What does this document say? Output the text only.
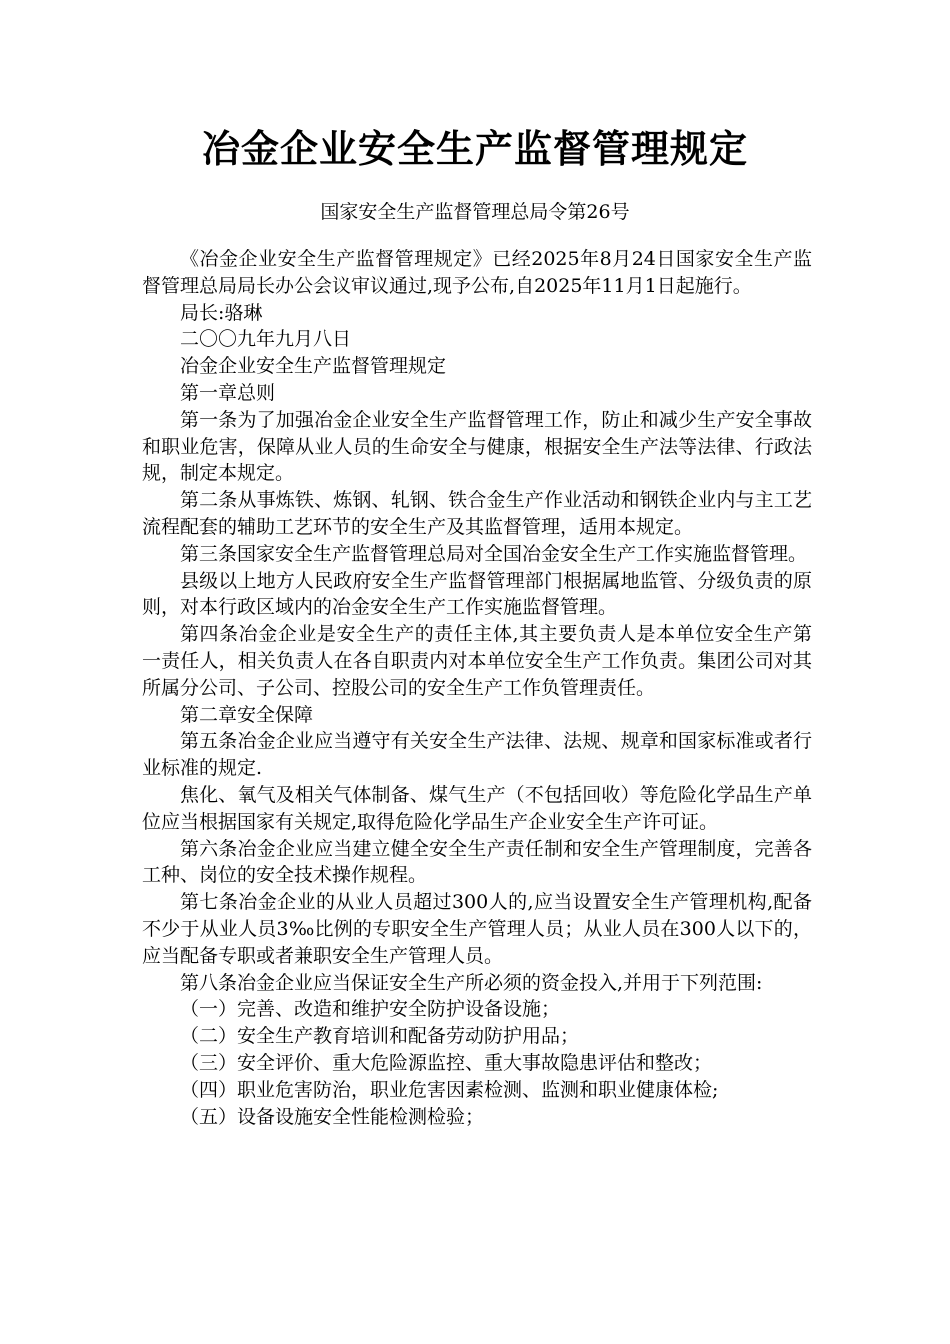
冶金企业安全生产监督管理规定
国家安全生产监督管理总局令第26号

《冶金企业安全生产监督管理规定》已经2025年8月24日国家安全生产监督管理总局局长办公会议审议通过,现予公布,自2025年11月1日起施行。

局长:骆琳

二〇〇九年九月八日

冶金企业安全生产监督管理规定

第一章总则

第一条为了加强冶金企业安全生产监督管理工作，防止和减少生产安全事故和职业危害，保障从业人员的生命安全与健康，根据安全生产法等法律、行政法规，制定本规定。

第二条从事炼铁、炼钢、轧钢、铁合金生产作业活动和钢铁企业内与主工艺流程配套的辅助工艺环节的安全生产及其监督管理，适用本规定。

第三条国家安全生产监督管理总局对全国冶金安全生产工作实施监督管理。

县级以上地方人民政府安全生产监督管理部门根据属地监管、分级负责的原则，对本行政区域内的冶金安全生产工作实施监督管理。

第四条冶金企业是安全生产的责任主体,其主要负责人是本单位安全生产第一责任人，相关负责人在各自职责内对本单位安全生产工作负责。集团公司对其所属分公司、子公司、控股公司的安全生产工作负管理责任。

第二章安全保障

第五条冶金企业应当遵守有关安全生产法律、法规、规章和国家标准或者行业标准的规定.

焦化、氧气及相关气体制备、煤气生产（不包括回收）等危险化学品生产单位应当根据国家有关规定,取得危险化学品生产企业安全生产许可证。

第六条冶金企业应当建立健全安全生产责任制和安全生产管理制度，完善各工种、岗位的安全技术操作规程。

第七条冶金企业的从业人员超过300人的,应当设置安全生产管理机构,配备不少于从业人员3‰比例的专职安全生产管理人员；从业人员在300人以下的，应当配备专职或者兼职安全生产管理人员。

第八条冶金企业应当保证安全生产所必须的资金投入,并用于下列范围:

（一）完善、改造和维护安全防护设备设施；

（二）安全生产教育培训和配备劳动防护用品；

（三）安全评价、重大危险源监控、重大事故隐患评估和整改；

（四）职业危害防治，职业危害因素检测、监测和职业健康体检;

（五）设备设施安全性能检测检验；
